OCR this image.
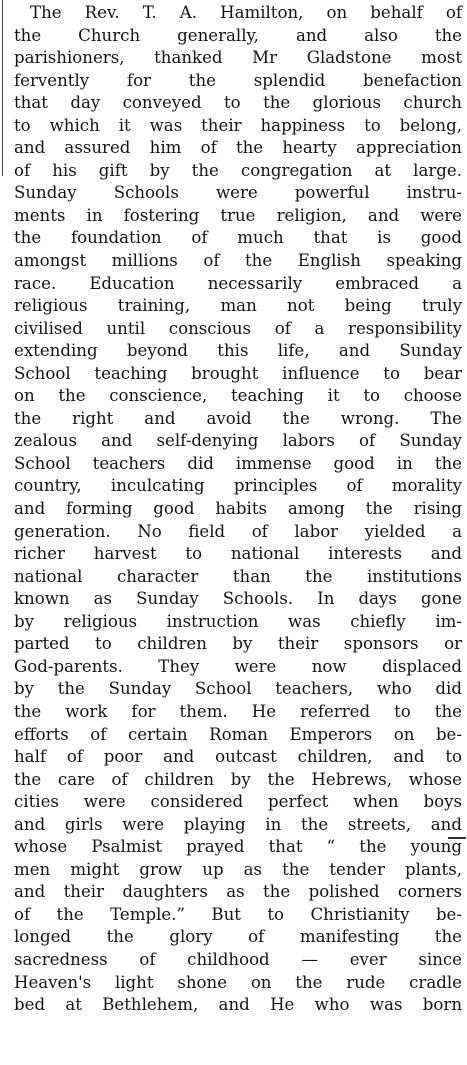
The Rev. T. A. Hamilton, on behalf of
the Church generally, and also the
parishioners, thanked Mr Gladstone most
fervently for the splendid benefaction
that day conveyed to the glorious church
to which it was their happiness to belong,
and assured him of the hearty appreciation
of his gift by the congregation at large.
Sunday Schools were powerful instru-
ments in fostering true religion, and were
the foundation of much that is good
amongst millions of the English speaking
race. Education necessarily embraced a
religious training, man not being truly
civilised until conscious of a responsibility
extending beyond this life, and Sunday
School teaching brought influence to bear
on the conscience, teaching it to choose
the right and avoid the wrong. The
zealous and self-denying labors of Sunday
School teachers did immense good in the
country, inculcating principles of morality
and forming good habits among the rising
generation. No field of labor yielded a
richer harvest to national interests and
national character than the institutions
known as Sunday Schools. In days gone
by religious instruction was chiefly im-
parted to children by their sponsors or
God-parents. They were now displaced
by the Sunday School teachers, who did
the work for them. He referred to the
efforts of certain Roman Emperors on be-
half of poor and outcast children, and to
the care of children by the Hebrews, whose
cities were considered perfect when boys
and girls were playing in the streets, and
whose Psalmist prayed that “ the young
men might grow up as the tender plants,
and their daughters as the polished corners
of the Temple.” But to Christianity be-
longed the glory of manifesting the
sacredness of childhood — ever since
Heaven's light shone on the rude cradle
bed at Bethlehem, and He who was born
